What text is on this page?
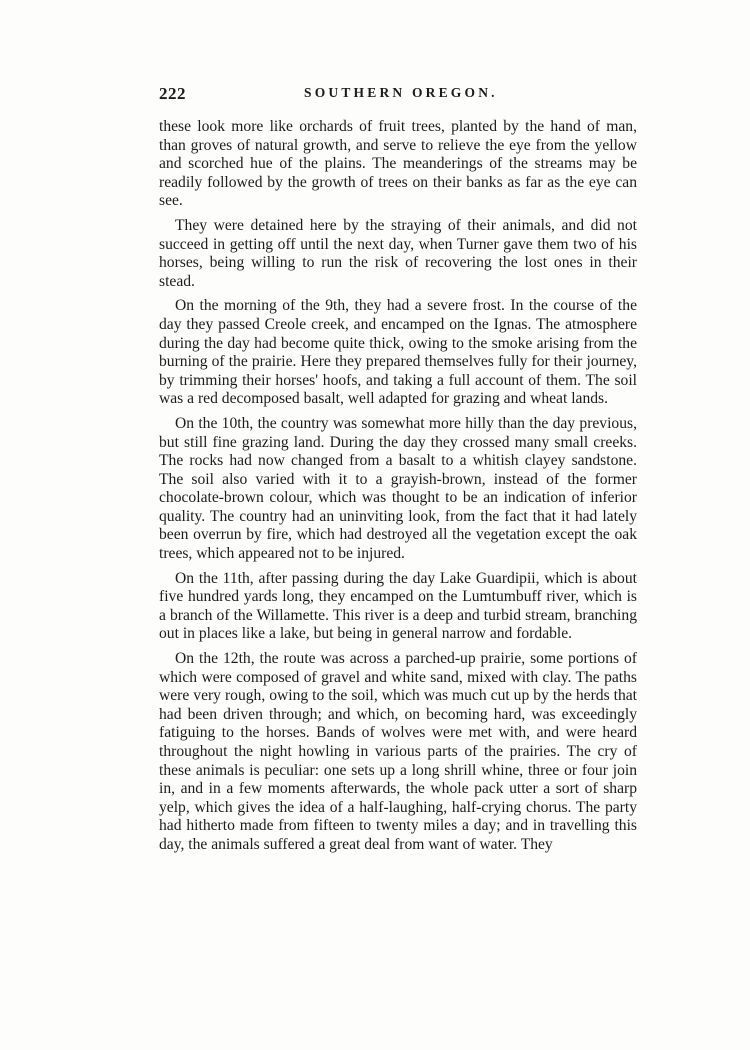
222	SOUTHERN OREGON.

these look more like orchards of fruit trees, planted by the hand of man, than groves of natural growth, and serve to relieve the eye from the yellow and scorched hue of the plains. The meanderings of the streams may be readily followed by the growth of trees on their banks as far as the eye can see.

They were detained here by the straying of their animals, and did not succeed in getting off until the next day, when Turner gave them two of his horses, being willing to run the risk of recovering the lost ones in their stead.

On the morning of the 9th, they had a severe frost. In the course of the day they passed Creole creek, and encamped on the Ignas. The atmosphere during the day had become quite thick, owing to the smoke arising from the burning of the prairie. Here they prepared themselves fully for their journey, by trimming their horses' hoofs, and taking a full account of them. The soil was a red decomposed basalt, well adapted for grazing and wheat lands.

On the 10th, the country was somewhat more hilly than the day previous, but still fine grazing land. During the day they crossed many small creeks. The rocks had now changed from a basalt to a whitish clayey sandstone. The soil also varied with it to a grayish-brown, instead of the former chocolate-brown colour, which was thought to be an indication of inferior quality. The country had an uninviting look, from the fact that it had lately been overrun by fire, which had destroyed all the vegetation except the oak trees, which appeared not to be injured.

On the 11th, after passing during the day Lake Guardipii, which is about five hundred yards long, they encamped on the Lumtumbuff river, which is a branch of the Willamette. This river is a deep and turbid stream, branching out in places like a lake, but being in general narrow and fordable.

On the 12th, the route was across a parched-up prairie, some portions of which were composed of gravel and white sand, mixed with clay. The paths were very rough, owing to the soil, which was much cut up by the herds that had been driven through; and which, on becoming hard, was exceedingly fatiguing to the horses. Bands of wolves were met with, and were heard throughout the night howling in various parts of the prairies. The cry of these animals is peculiar: one sets up a long shrill whine, three or four join in, and in a few moments afterwards, the whole pack utter a sort of sharp yelp, which gives the idea of a half-laughing, half-crying chorus. The party had hitherto made from fifteen to twenty miles a day; and in travelling this day, the animals suffered a great deal from want of water. They
